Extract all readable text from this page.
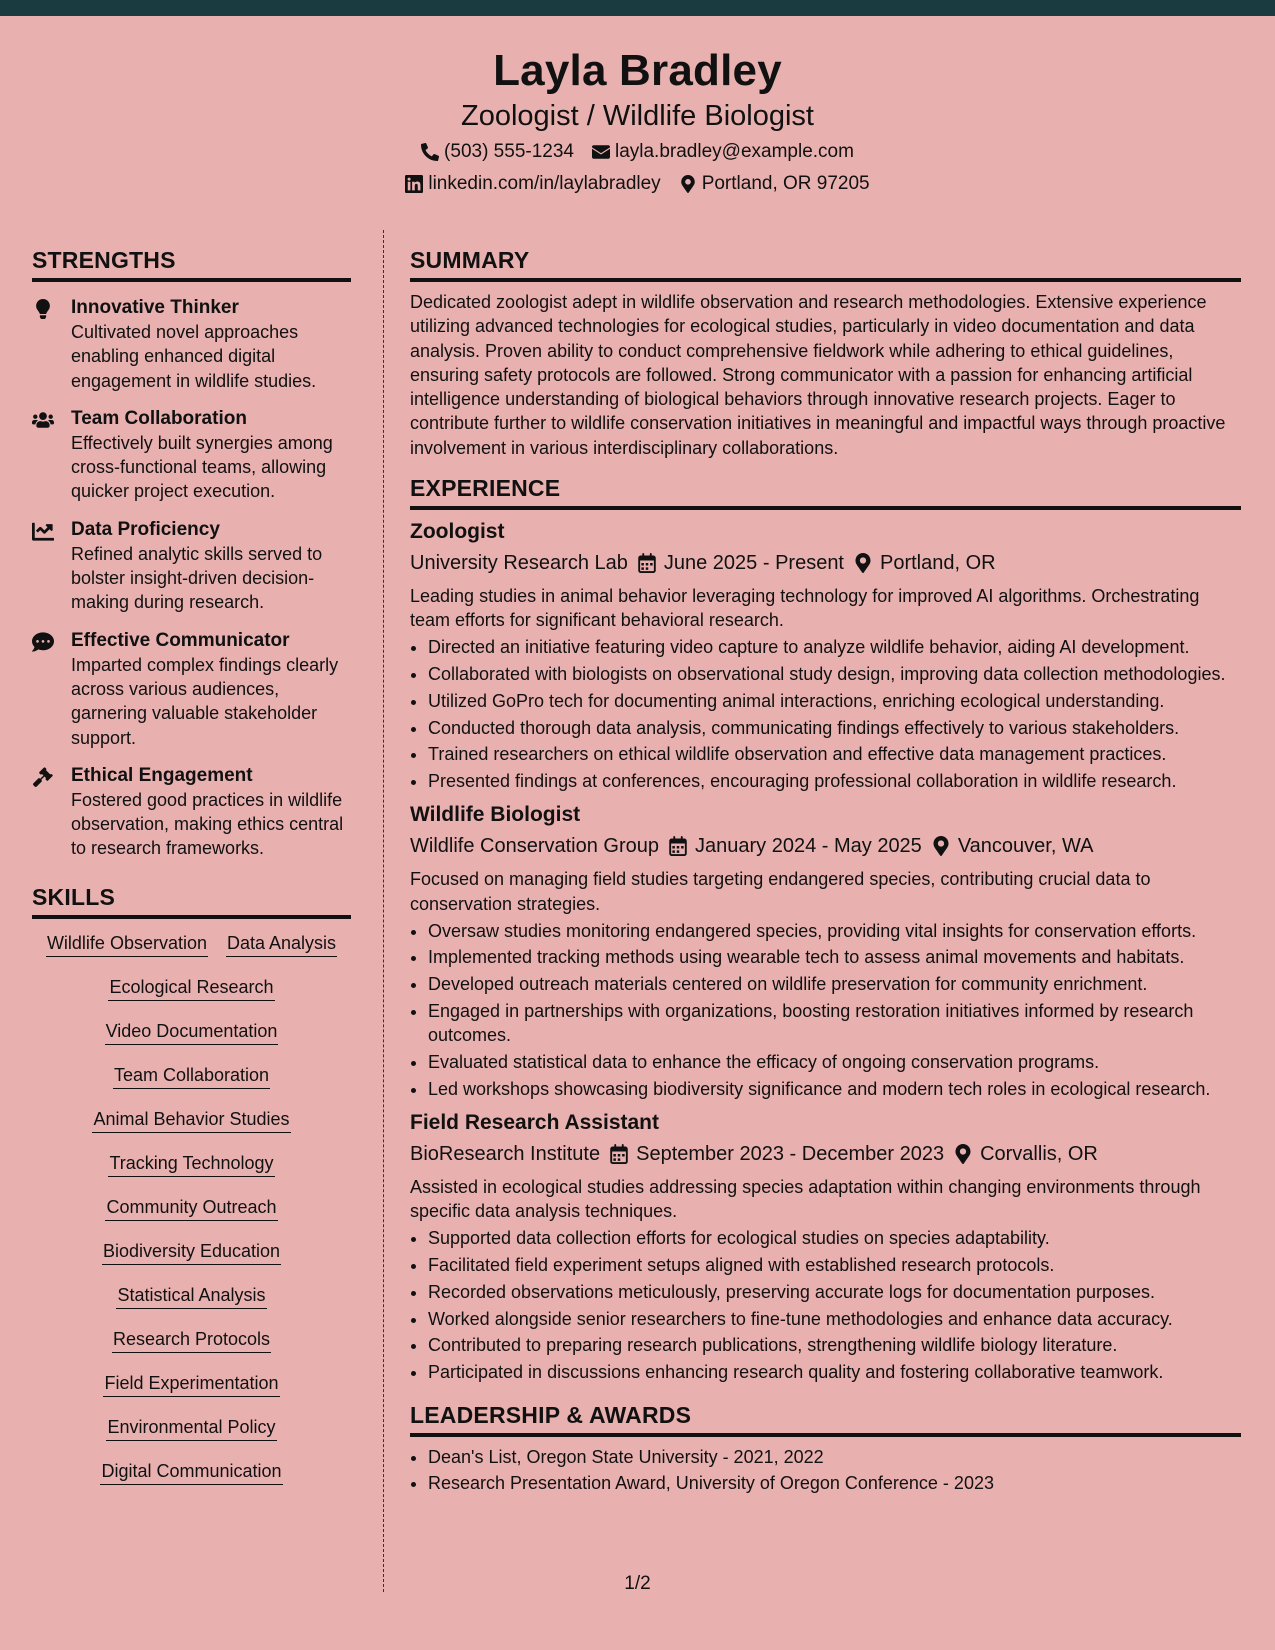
Layla Bradley
Zoologist / Wildlife Biologist
(503) 555-1234 layla.bradley@example.com
linkedin.com/in/laylabradley Portland, OR 97205
STRENGTHS
Innovative Thinker
Cultivated novel approaches enabling enhanced digital engagement in wildlife studies.
Team Collaboration
Effectively built synergies among cross-functional teams, allowing quicker project execution.
Data Proficiency
Refined analytic skills served to bolster insight-driven decision-making during research.
Effective Communicator
Imparted complex findings clearly across various audiences, garnering valuable stakeholder support.
Ethical Engagement
Fostered good practices in wildlife observation, making ethics central to research frameworks.
SKILLS
Wildlife Observation Data Analysis
Ecological Research
Video Documentation
Team Collaboration
Animal Behavior Studies
Tracking Technology
Community Outreach
Biodiversity Education
Statistical Analysis
Research Protocols
Field Experimentation
Environmental Policy
Digital Communication
SUMMARY
Dedicated zoologist adept in wildlife observation and research methodologies. Extensive experience utilizing advanced technologies for ecological studies, particularly in video documentation and data analysis. Proven ability to conduct comprehensive fieldwork while adhering to ethical guidelines, ensuring safety protocols are followed. Strong communicator with a passion for enhancing artificial intelligence understanding of biological behaviors through innovative research projects. Eager to contribute further to wildlife conservation initiatives in meaningful and impactful ways through proactive involvement in various interdisciplinary collaborations.
EXPERIENCE
Zoologist
University Research Lab June 2025 - Present Portland, OR
Leading studies in animal behavior leveraging technology for improved AI algorithms. Orchestrating team efforts for significant behavioral research.
• Directed an initiative featuring video capture to analyze wildlife behavior, aiding AI development.
• Collaborated with biologists on observational study design, improving data collection methodologies.
• Utilized GoPro tech for documenting animal interactions, enriching ecological understanding.
• Conducted thorough data analysis, communicating findings effectively to various stakeholders.
• Trained researchers on ethical wildlife observation and effective data management practices.
• Presented findings at conferences, encouraging professional collaboration in wildlife research.
Wildlife Biologist
Wildlife Conservation Group January 2024 - May 2025 Vancouver, WA
Focused on managing field studies targeting endangered species, contributing crucial data to conservation strategies.
• Oversaw studies monitoring endangered species, providing vital insights for conservation efforts.
• Implemented tracking methods using wearable tech to assess animal movements and habitats.
• Developed outreach materials centered on wildlife preservation for community enrichment.
• Engaged in partnerships with organizations, boosting restoration initiatives informed by research outcomes.
• Evaluated statistical data to enhance the efficacy of ongoing conservation programs.
• Led workshops showcasing biodiversity significance and modern tech roles in ecological research.
Field Research Assistant
BioResearch Institute September 2023 - December 2023 Corvallis, OR
Assisted in ecological studies addressing species adaptation within changing environments through specific data analysis techniques.
• Supported data collection efforts for ecological studies on species adaptability.
• Facilitated field experiment setups aligned with established research protocols.
• Recorded observations meticulously, preserving accurate logs for documentation purposes.
• Worked alongside senior researchers to fine-tune methodologies and enhance data accuracy.
• Contributed to preparing research publications, strengthening wildlife biology literature.
• Participated in discussions enhancing research quality and fostering collaborative teamwork.
LEADERSHIP & AWARDS
• Dean's List, Oregon State University - 2021, 2022
• Research Presentation Award, University of Oregon Conference - 2023
1/2
